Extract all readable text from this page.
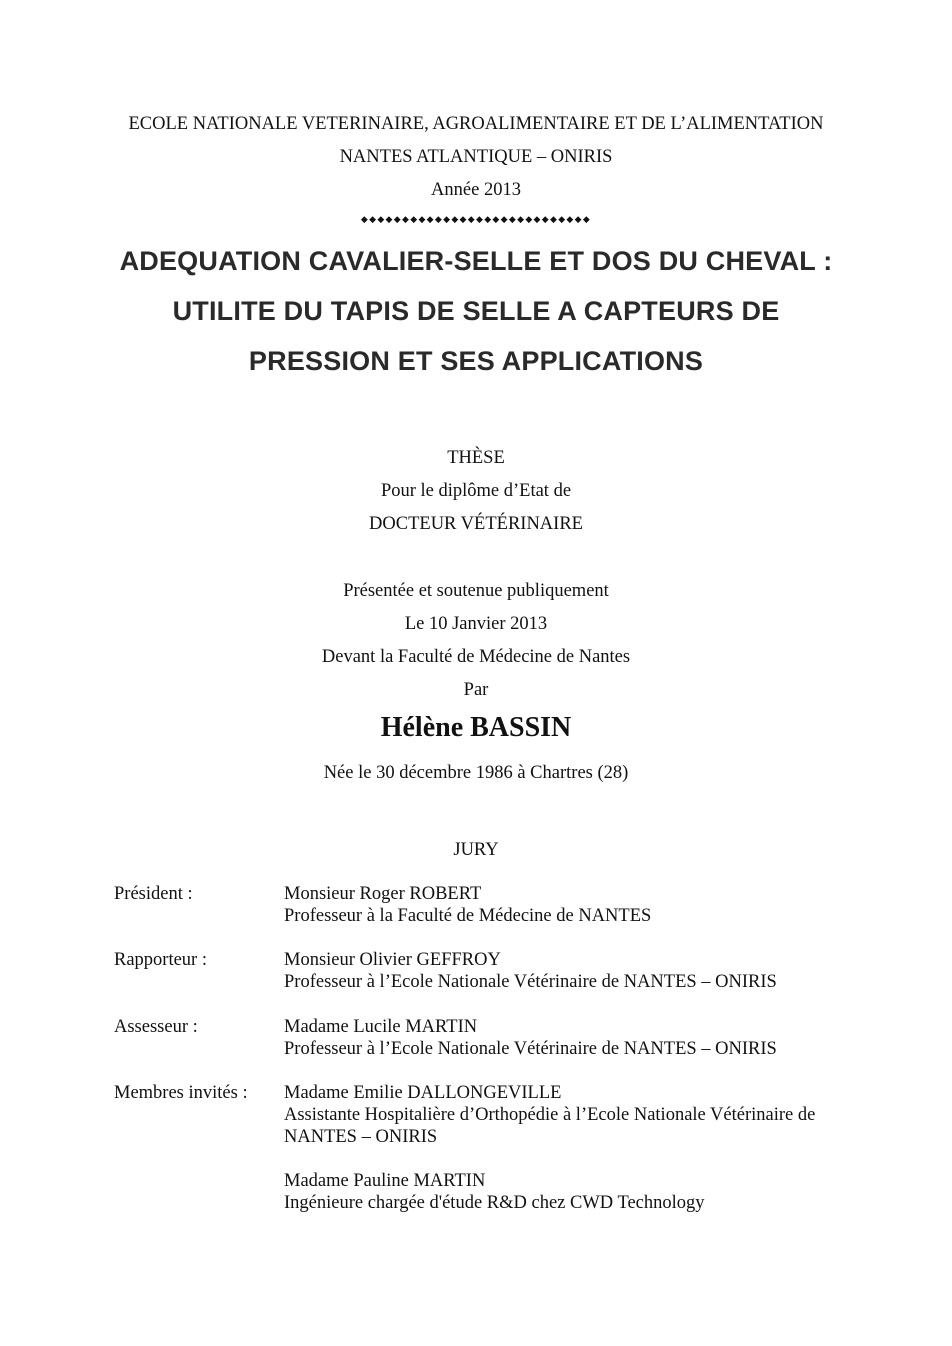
ECOLE NATIONALE VETERINAIRE, AGROALIMENTAIRE ET DE L’ALIMENTATION
NANTES ATLANTIQUE – ONIRIS
Année 2013
◆◆◆◆◆◆◆◆◆◆◆◆◆◆◆◆◆◆◆◆◆◆◆◆◆◆◆◆
ADEQUATION CAVALIER-SELLE ET DOS DU CHEVAL :
UTILITE DU TAPIS DE SELLE A CAPTEURS DE
PRESSION ET SES APPLICATIONS
THÈSE
Pour le diplôme d’Etat de
DOCTEUR VÉTÉRINAIRE
Présentée et soutenue publiquement
Le 10 Janvier 2013
Devant la Faculté de Médecine de Nantes
Par
Hélène BASSIN
Née le 30 décembre 1986 à Chartres (28)
JURY
Président :	Monsieur Roger ROBERT
Professeur à la Faculté de Médecine de NANTES
Rapporteur :	Monsieur Olivier GEFFROY
Professeur à l’Ecole Nationale Vétérinaire de NANTES – ONIRIS
Assesseur :	Madame Lucile MARTIN
Professeur à l’Ecole Nationale Vétérinaire de NANTES – ONIRIS
Membres invités : Madame Emilie DALLONGEVILLE
Assistante Hospitalière d’Orthopédie à l’Ecole Nationale Vétérinaire de
NANTES – ONIRIS
Madame Pauline MARTIN
Ingénieure chargée d'étude R&D chez CWD Technology
